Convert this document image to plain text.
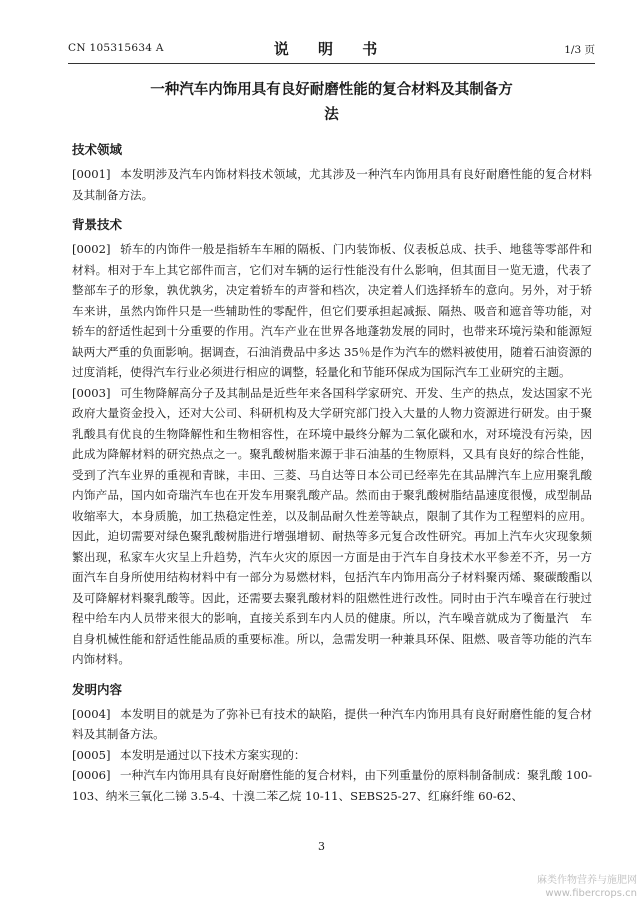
CN 105315634 A	说 明 书	1/3 页
一种汽车内饰用具有良好耐磨性能的复合材料及其制备方
法
技术领域

[0001] 本发明涉及汽车内饰材料技术领域，尤其涉及一种汽车内饰用具有良好耐磨性能的复合材料及其制备方法。

背景技术

[0002] 轿车的内饰件一般是指轿车车厢的隔板、门内装饰板、仪表板总成、扶手、地毯等零部件和材料。相对于车上其它部件而言，它们对车辆的运行性能没有什么影响，但其面目一览无遗，代表了整部车子的形象，孰优孰劣，决定着轿车的声誉和档次，决定着人们选择轿车的意向。另外，对于轿车来讲，虽然内饰件只是一些辅助性的零配件，但它们要承担起减振、隔热、吸音和遮音等功能，对轿车的舒适性起到十分重要的作用。汽车产业在世界各地蓬勃发展的同时，也带来环境污染和能源短缺两大严重的负面影响。据调查，石油消费品中多达 35％是作为汽车的燃料被使用，随着石油资源的过度消耗，使得汽车行业必须进行相应的调整，轻量化和节能环保成为国际汽车工业研究的主题。

[0003] 可生物降解高分子及其制品是近些年来各国科学家研究、开发、生产的热点，发达国家不光政府大量资金投入，还对大公司、科研机构及大学研究部门投入大量的人物力资源进行研发。由于聚乳酸具有优良的生物降解性和生物相容性，在环境中最终分解为二氧化碳和水，对环境没有污染，因此成为降解材料的研究热点之一。聚乳酸树脂来源于非石油基的生物原料，又具有良好的综合性能，受到了汽车业界的重视和青睐，丰田、三菱、马自达等日本公司已经率先在其品牌汽车上应用聚乳酸内饰产品，国内如奇瑞汽车也在开发车用聚乳酸产品。然而由于聚乳酸树脂结晶速度很慢，成型制品收缩率大，本身质脆，加工热稳定性差，以及制品耐久性差等缺点，限制了其作为工程塑料的应用。因此，迫切需要对绿色聚乳酸树脂进行增强增韧、耐热等多元复合改性研究。再加上汽车火灾现象频繁出现，私家车火灾呈上升趋势，汽车火灾的原因一方面是由于汽车自身技术水平参差不齐，另一方面汽车自身所使用结构材料中有一部分为易燃材料，包括汽车内饰用高分子材料聚丙烯、聚碳酸酯以及可降解材料聚乳酸等。因此，还需要去聚乳酸材料的阻燃性进行改性。同时由于汽车噪音在行驶过程中给车内人员带来很大的影响，直接关系到车内人员的健康。所以，汽车噪音就成为了衡量汽　车自身机械性能和舒适性能品质的重要标准。所以，急需发明一种兼具环保、阻燃、吸音等功能的汽车内饰材料。

发明内容

[0004] 本发明目的就是为了弥补已有技术的缺陷，提供一种汽车内饰用具有良好耐磨性能的复合材料及其制备方法。

[0005] 本发明是通过以下技术方案实现的：

[0006] 一种汽车内饰用具有良好耐磨性能的复合材料，由下列重量份的原料制备制成：聚乳酸 100-103、纳米三氧化二锑 3.5-4、十溴二苯乙烷 10-11、SEBS25-27、红麻纤维 60-62、

3
麻类作物营养与施肥网
www.fibercrops.cn
